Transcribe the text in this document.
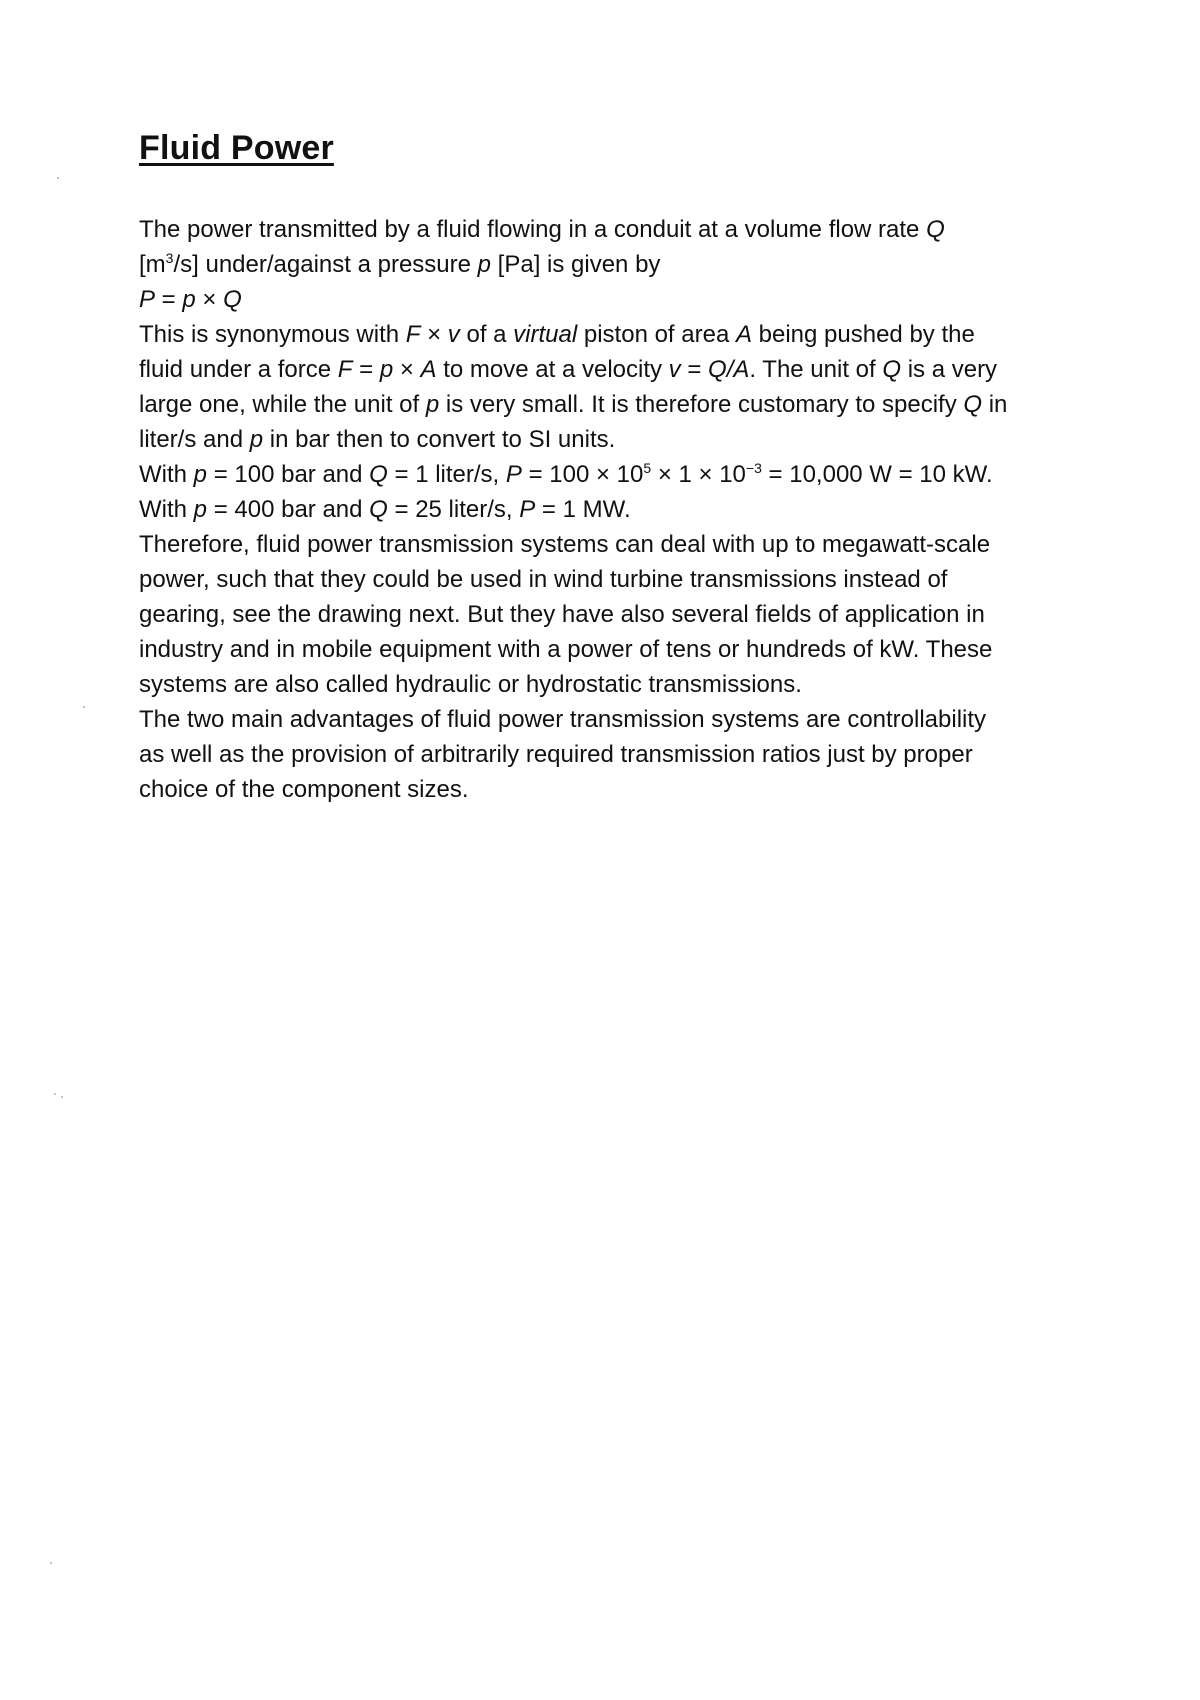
Fluid Power

The power transmitted by a fluid flowing in a conduit at a volume flow rate Q

$[m^3/s]$ under/against a pressure p [Pa] is given by

P = p × Q

This is synonymous with F × v of a virtual piston of area A being pushed by the

fluid under a force F = p × A to move at a velocity v = Q/A. The unit of Q is a very

large one, while the unit of p is very small. It is therefore customary to specify Q in

liter/s and p in bar then to convert to SI units.

With p = 100 bar and Q = 1 liter/s, $P = 100 \times 10^5 \times 1 \times 10^{-3} = 10,000$ W = 10 kW.

With p = 400 bar and Q = 25 liter/s, P = 1 MW.

Therefore, fluid power transmission systems can deal with up to megawatt-scale

power, such that they could be used in wind turbine transmissions instead of

gearing, see the drawing next. But they have also several fields of application in

industry and in mobile equipment with a power of tens or hundreds of kW. These

systems are also called hydraulic or hydrostatic transmissions.

The two main advantages of fluid power transmission systems are controllability

as well as the provision of arbitrarily required transmission ratios just by proper

choice of the component sizes.
